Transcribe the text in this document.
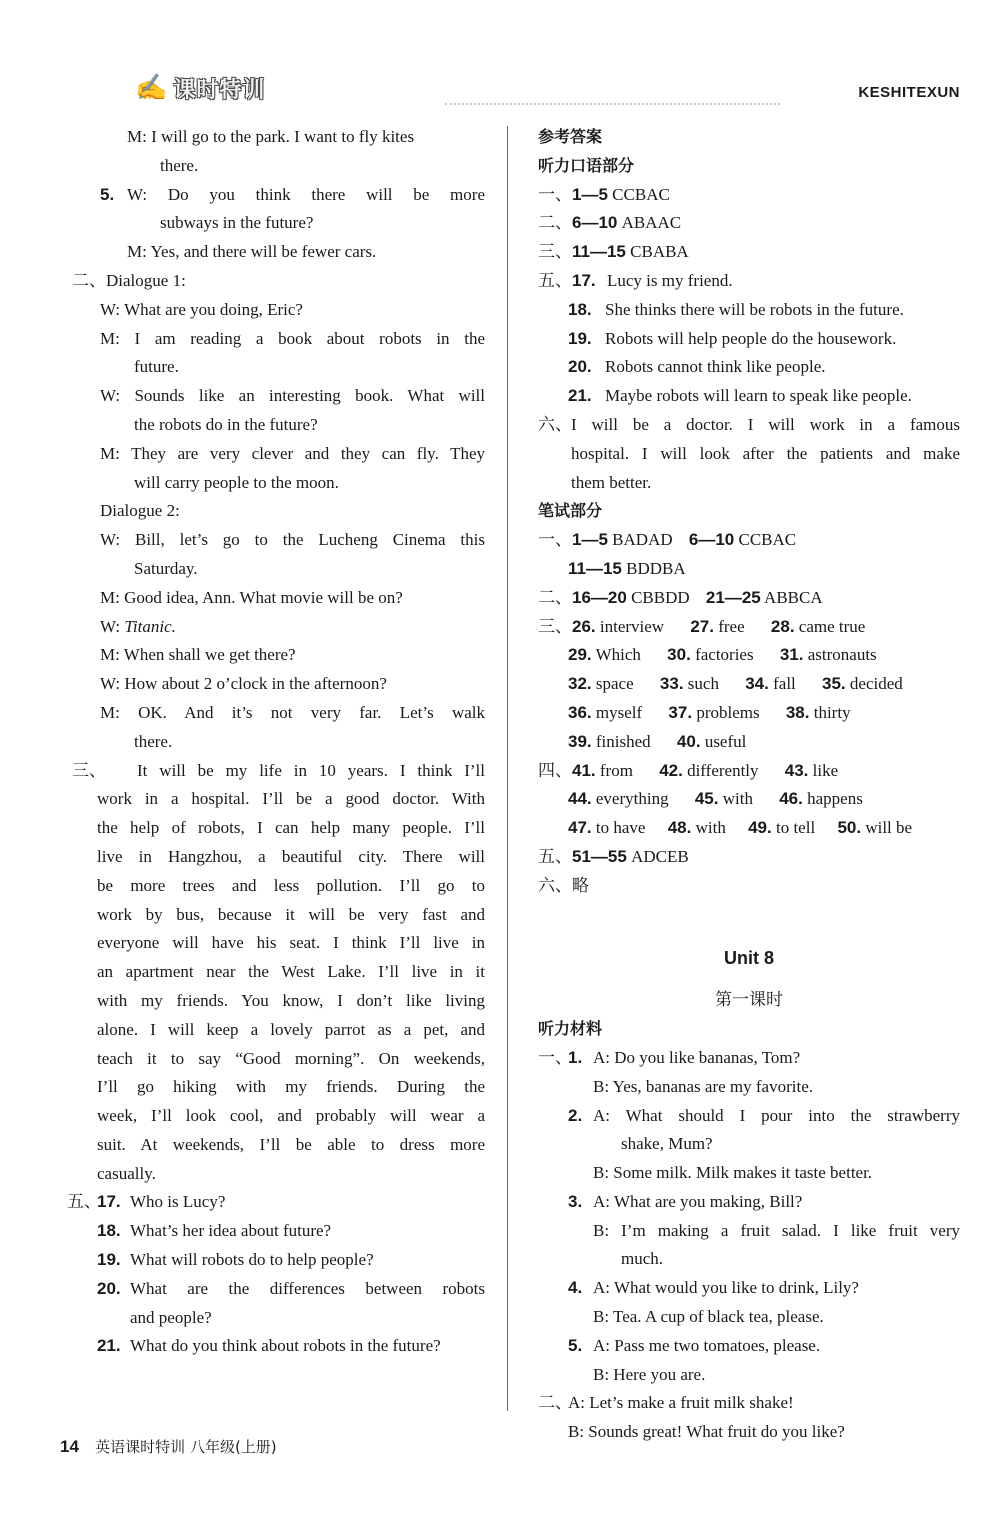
✍ 课时特训	KESHITEXUN
M: I will go to the park. I want to fly kites
there.
5. W: Do you think there will be more
subways in the future?
M: Yes, and there will be fewer cars.
二、Dialogue 1:
W: What are you doing, Eric?
M: I am reading a book about robots in the
future.
W: Sounds like an interesting book. What will
the robots do in the future?
M: They are very clever and they can fly. They
will carry people to the moon.
Dialogue 2:
W: Bill, let’s go to the Lucheng Cinema this
Saturday.
M: Good idea, Ann. What movie will be on?
W: Titanic.
M: When shall we get there?
W: How about 2 o’clock in the afternoon?
M: OK. And it’s not very far. Let’s walk
there.
三、	It will be my life in 10 years. I think I’ll
work in a hospital. I’ll be a good doctor. With
the help of robots, I can help many people. I’ll
live in Hangzhou, a beautiful city. There will
be more trees and less pollution. I’ll go to
work by bus, because it will be very fast and
everyone will have his seat. I think I’ll live in
an apartment near the West Lake. I’ll live in it
with my friends. You know, I don’t like living
alone. I will keep a lovely parrot as a pet, and
teach it to say “Good morning”. On weekends,
I’ll go hiking with my friends. During the
week, I’ll look cool, and probably will wear a
suit. At weekends, I’ll be able to dress more
casually.
五、
17. Who is Lucy?
18. What’s her idea about future?
19. What will robots do to help people?
20. What are the differences between robots
and people?
21. What do you think about robots in the future?
参考答案
听力口语部分
一、1—5 CCBAC
二、6—10 ABAAC
三、11—15 CBABA
五、 17. Lucy is my friend.
18. She thinks there will be robots in the future.
19. Robots will help people do the housework.
20. Robots cannot think like people.
21. Maybe robots will learn to speak like people.
六、 I will be a doctor. I will work in a famous
hospital. I will look after the patients and make
them better.
笔试部分
一、1—5 BADAD 6—10 CCBAC
11—15 BDDBA
二、16—20 CBBDD 21—25 ABBCA
三、26. interview 27. free 28. came true
29. Which 30. factories 31. astronauts
32. space 33. such 34. fall 35. decided
36. myself 37. problems 38. thirty
39. finished 40. useful
四、41. from 42. differently 43. like
44. everything 45. with 46. happens
47. to have 48. with 49. to tell 50. will be
五、51—55 ADCEB
六、略
Unit 8
第一课时
听力材料
一、
1. A: Do you like bananas, Tom?
B: Yes, bananas are my favorite.
2. A: What should I pour into the strawberry
shake, Mum?
B: Some milk. Milk makes it taste better.
3. A: What are you making, Bill?
B: I’m making a fruit salad. I like fruit very
much.
4. A: What would you like to drink, Lily?
B: Tea. A cup of black tea, please.
5. A: Pass me two tomatoes, please.
B: Here you are.
二、
A: Let’s make a fruit milk shake!
B: Sounds great! What fruit do you like?
14 英语课时特训 八年级(上册)
